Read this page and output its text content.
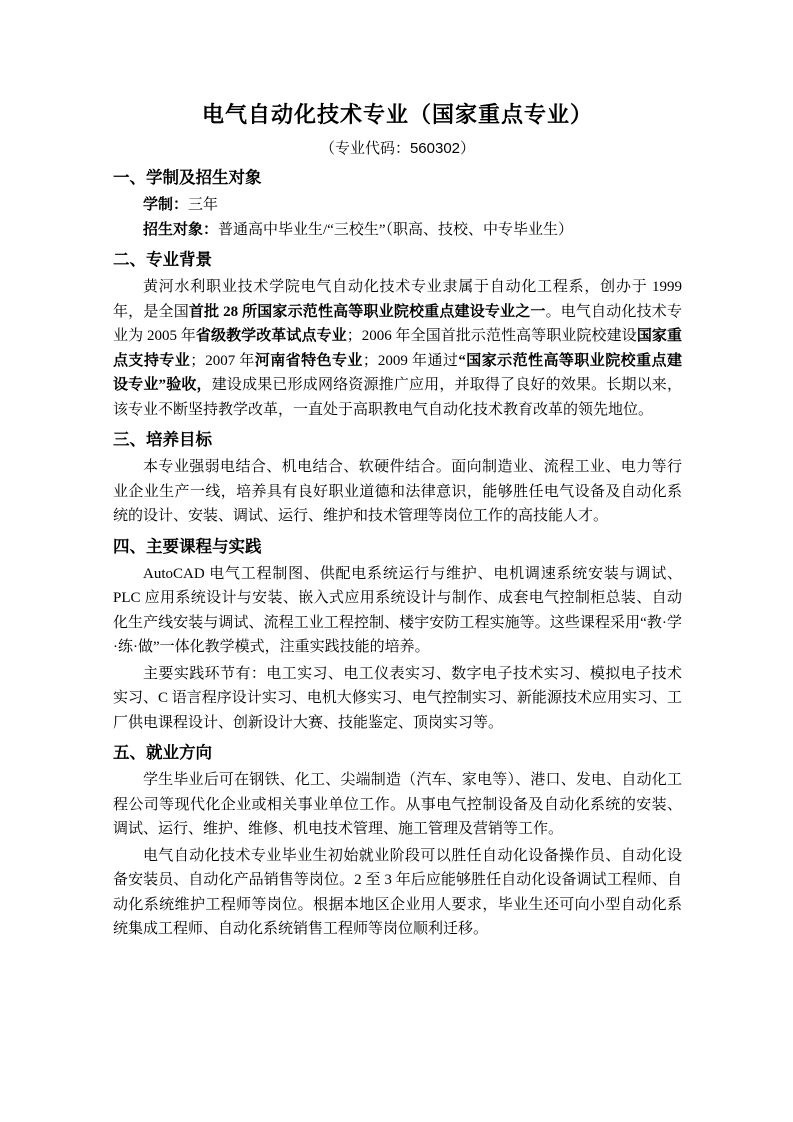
电气自动化技术专业（国家重点专业）
（专业代码：560302）
一、学制及招生对象
学制：三年
招生对象：普通高中毕业生/“三校生”（职高、技校、中专毕业生）
二、专业背景

黄河水利职业技术学院电气自动化技术专业隶属于自动化工程系，创办于 1999 年，是全国首批 28 所国家示范性高等职业院校重点建设专业之一。电气自动化技术专业为 2005 年省级教学改革试点专业；2006 年全国首批示范性高等职业院校建设国家重点支持专业；2007 年河南省特色专业；2009 年通过“国家示范性高等职业院校重点建设专业”验收，建设成果已形成网络资源推广应用，并取得了良好的效果。长期以来，该专业不断坚持教学改革，一直处于高职教电气自动化技术教育改革的领先地位。

三、培养目标

本专业强弱电结合、机电结合、软硬件结合。面向制造业、流程工业、电力等行业企业生产一线，培养具有良好职业道德和法律意识，能够胜任电气设备及自动化系统的设计、安装、调试、运行、维护和技术管理等岗位工作的高技能人才。

四、主要课程与实践

AutoCAD 电气工程制图、供配电系统运行与维护、电机调速系统安装与调试、PLC 应用系统设计与安装、嵌入式应用系统设计与制作、成套电气控制柜总装、自动化生产线安装与调试、流程工业工程控制、楼宇安防工程实施等。这些课程采用“教·学·练·做”一体化教学模式，注重实践技能的培养。

主要实践环节有：电工实习、电工仪表实习、数字电子技术实习、模拟电子技术实习、C 语言程序设计实习、电机大修实习、电气控制实习、新能源技术应用实习、工厂供电课程设计、创新设计大赛、技能鉴定、顶岗实习等。

五、就业方向

学生毕业后可在钢铁、化工、尖端制造（汽车、家电等）、港口、发电、自动化工程公司等现代化企业或相关事业单位工作。从事电气控制设备及自动化系统的安装、调试、运行、维护、维修、机电技术管理、施工管理及营销等工作。

电气自动化技术专业毕业生初始就业阶段可以胜任自动化设备操作员、自动化设备安装员、自动化产品销售等岗位。2 至 3 年后应能够胜任自动化设备调试工程师、自动化系统维护工程师等岗位。根据本地区企业用人要求，毕业生还可向小型自动化系统集成工程师、自动化系统销售工程师等岗位顺利迁移。
